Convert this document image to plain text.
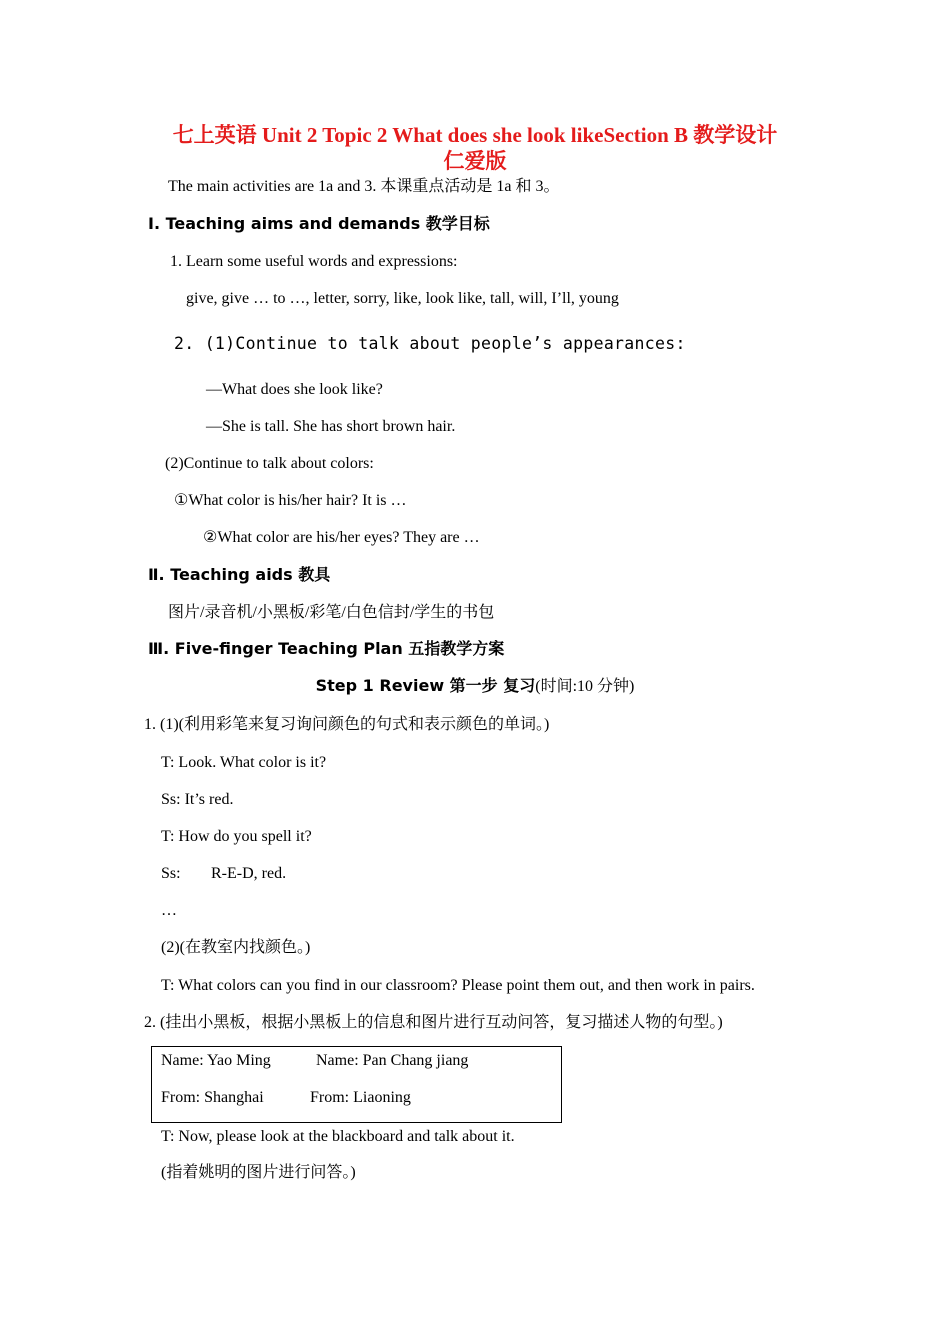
七上英语 Unit 2 Topic 2 What does she look likeSection B 教学设计
仁爱版
The main activities are 1a and 3. 本课重点活动是 1a 和 3。
Ⅰ. Teaching aims and demands 教学目标
1. Learn some useful words and expressions:
give, give … to …, letter, sorry, like, look like, tall, will, I’ll, young
2. (1)Continue to talk about people’s appearances:
—What does she look like?
—She is tall. She has short brown hair.
(2)Continue to talk about colors:
①What color is his/her hair? It is …
②What color are his/her eyes? They are …
Ⅱ. Teaching aids 教具
图片/录音机/小黑板/彩笔/白色信封/学生的书包
Ⅲ. Five-finger Teaching Plan 五指教学方案
Step 1 Review 第一步 复习(时间:10 分钟)
1. (1)(利用彩笔来复习询问颜色的句式和表示颜色的单词。)
T: Look. What color is it?
Ss: It’s red.
T: How do you spell it?
Ss: R-E-D, red.
…
(2)(在教室内找颜色。)
T: What colors can you find in our classroom? Please point them out, and then work in pairs.
2. (挂出小黑板，根据小黑板上的信息和图片进行互动问答，复习描述人物的句型。)
Name: Yao Ming	Name: Pan Chang jiang
From: Shanghai	From: Liaoning
T: Now, please look at the blackboard and talk about it.
(指着姚明的图片进行问答。)
